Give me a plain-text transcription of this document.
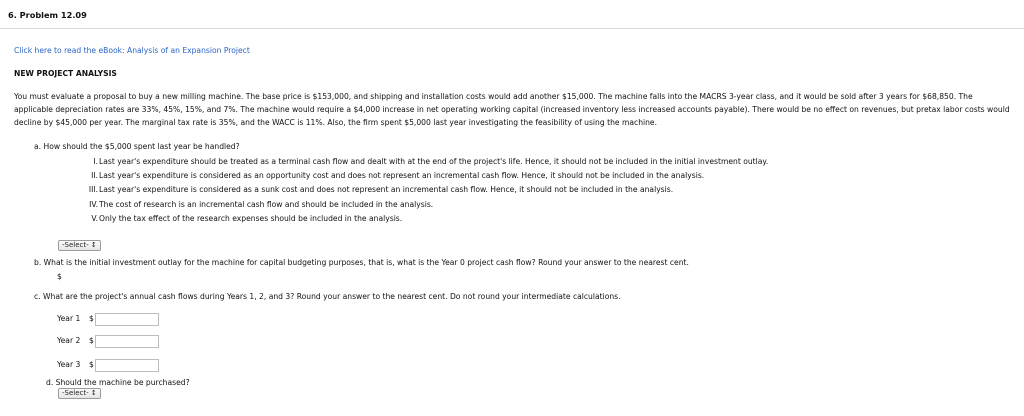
6. Problem 12.09
Click here to read the eBook: Analysis of an Expansion Project
NEW PROJECT ANALYSIS
You must evaluate a proposal to buy a new milling machine. The base price is $153,000, and shipping and installation costs would add another $15,000. The machine falls into the MACRS 3-year class, and it would be sold after 3 years for $68,850. The applicable depreciation rates are 33%, 45%, 15%, and 7%. The machine would require a $4,000 increase in net operating working capital (increased inventory less increased accounts payable). There would be no effect on revenues, but pretax labor costs would decline by $45,000 per year. The marginal tax rate is 35%, and the WACC is 11%. Also, the firm spent $5,000 last year investigating the feasibility of using the machine.
a. How should the $5,000 spent last year be handled?
I. Last year's expenditure should be treated as a terminal cash flow and dealt with at the end of the project's life. Hence, it should not be included in the initial investment outlay.
II. Last year's expenditure is considered as an opportunity cost and does not represent an incremental cash flow. Hence, it should not be included in the analysis.
III. Last year's expenditure is considered as a sunk cost and does not represent an incremental cash flow. Hence, it should not be included in the analysis.
IV. The cost of research is an incremental cash flow and should be included in the analysis.
V. Only the tax effect of the research expenses should be included in the analysis.
-Select- ↕
b. What is the initial investment outlay for the machine for capital budgeting purposes, that is, what is the Year 0 project cash flow? Round your answer to the nearest cent.
$
c. What are the project's annual cash flows during Years 1, 2, and 3? Round your answer to the nearest cent. Do not round your intermediate calculations.
Year 1 $
Year 2 $
Year 3 $
d. Should the machine be purchased?
-Select- ↕
